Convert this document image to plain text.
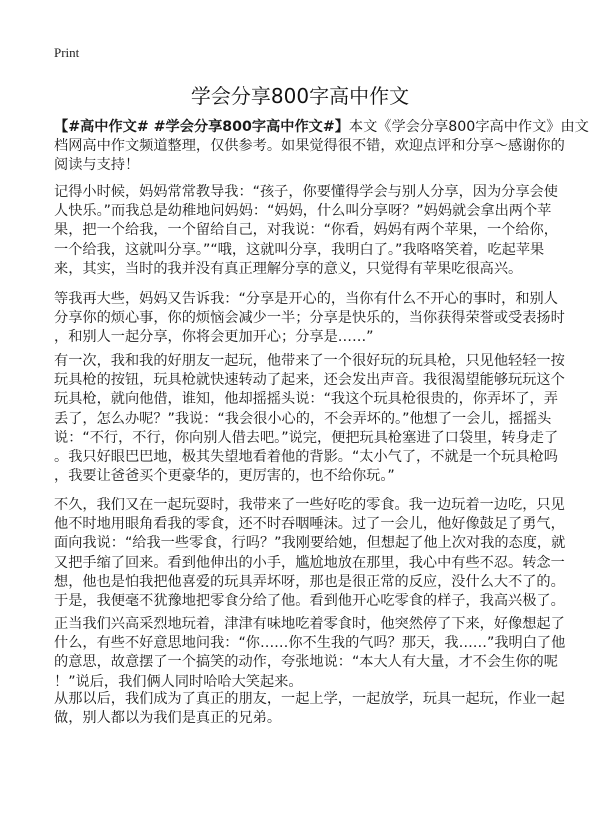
Print
学会分享800字高中作文
【#高中作文# #学会分享800字高中作文#】本文《学会分享800字高中作文》由文
档网高中作文频道整理，仅供参考。如果觉得很不错，欢迎点评和分享～感谢你的
阅读与支持！
记得小时候，妈妈常常教导我：“孩子，你要懂得学会与别人分享，因为分享会使
人快乐。”而我总是幼稚地问妈妈：“妈妈，什么叫分享呀？”妈妈就会拿出两个苹
果，把一个给我，一个留给自己，对我说：“你看，妈妈有两个苹果，一个给你，
一个给我，这就叫分享。”“哦，这就叫分享，我明白了。”我咯咯笑着，吃起苹果
来，其实，当时的我并没有真正理解分享的意义，只觉得有苹果吃很高兴。
等我再大些，妈妈又告诉我：“分享是开心的，当你有什么不开心的事时，和别人
分享你的烦心事，你的烦恼会减少一半；分享是快乐的，当你获得荣誉或受表扬时
，和别人一起分享，你将会更加开心；分享是……”
有一次，我和我的好朋友一起玩，他带来了一个很好玩的玩具枪，只见他轻轻一按
玩具枪的按钮，玩具枪就快速转动了起来，还会发出声音。我很渴望能够玩玩这个
玩具枪，就向他借，谁知，他却摇摇头说：“我这个玩具枪很贵的，你弄坏了，弄
丢了，怎么办呢？”我说：“我会很小心的，不会弄坏的。”他想了一会儿，摇摇头
说：“不行，不行，你向别人借去吧。”说完，便把玩具枪塞进了口袋里，转身走了
。我只好眼巴巴地，极其失望地看着他的背影。“太小气了，不就是一个玩具枪吗
，我要让爸爸买个更豪华的，更厉害的，也不给你玩。”
不久，我们又在一起玩耍时，我带来了一些好吃的零食。我一边玩着一边吃，只见
他不时地用眼角看我的零食，还不时吞咽唾沫。过了一会儿，他好像鼓足了勇气，
面向我说：“给我一些零食，行吗？”我刚要给她，但想起了他上次对我的态度，就
又把手缩了回来。看到他伸出的小手，尴尬地放在那里，我心中有些不忍。转念一
想，他也是怕我把他喜爱的玩具弄坏呀，那也是很正常的反应，没什么大不了的。
于是，我便毫不犹豫地把零食分给了他。看到他开心吃零食的样子，我高兴极了。
正当我们兴高采烈地玩着，津津有味地吃着零食时，他突然停了下来，好像想起了
什么，有些不好意思地问我：“你……你不生我的气吗？那天，我……”我明白了他
的意思，故意摆了一个搞笑的动作，夸张地说：“本大人有大量，才不会生你的呢
！”说后，我们俩人同时哈哈大笑起来。
从那以后，我们成为了真正的朋友，一起上学，一起放学，玩具一起玩，作业一起
做，别人都以为我们是真正的兄弟。
